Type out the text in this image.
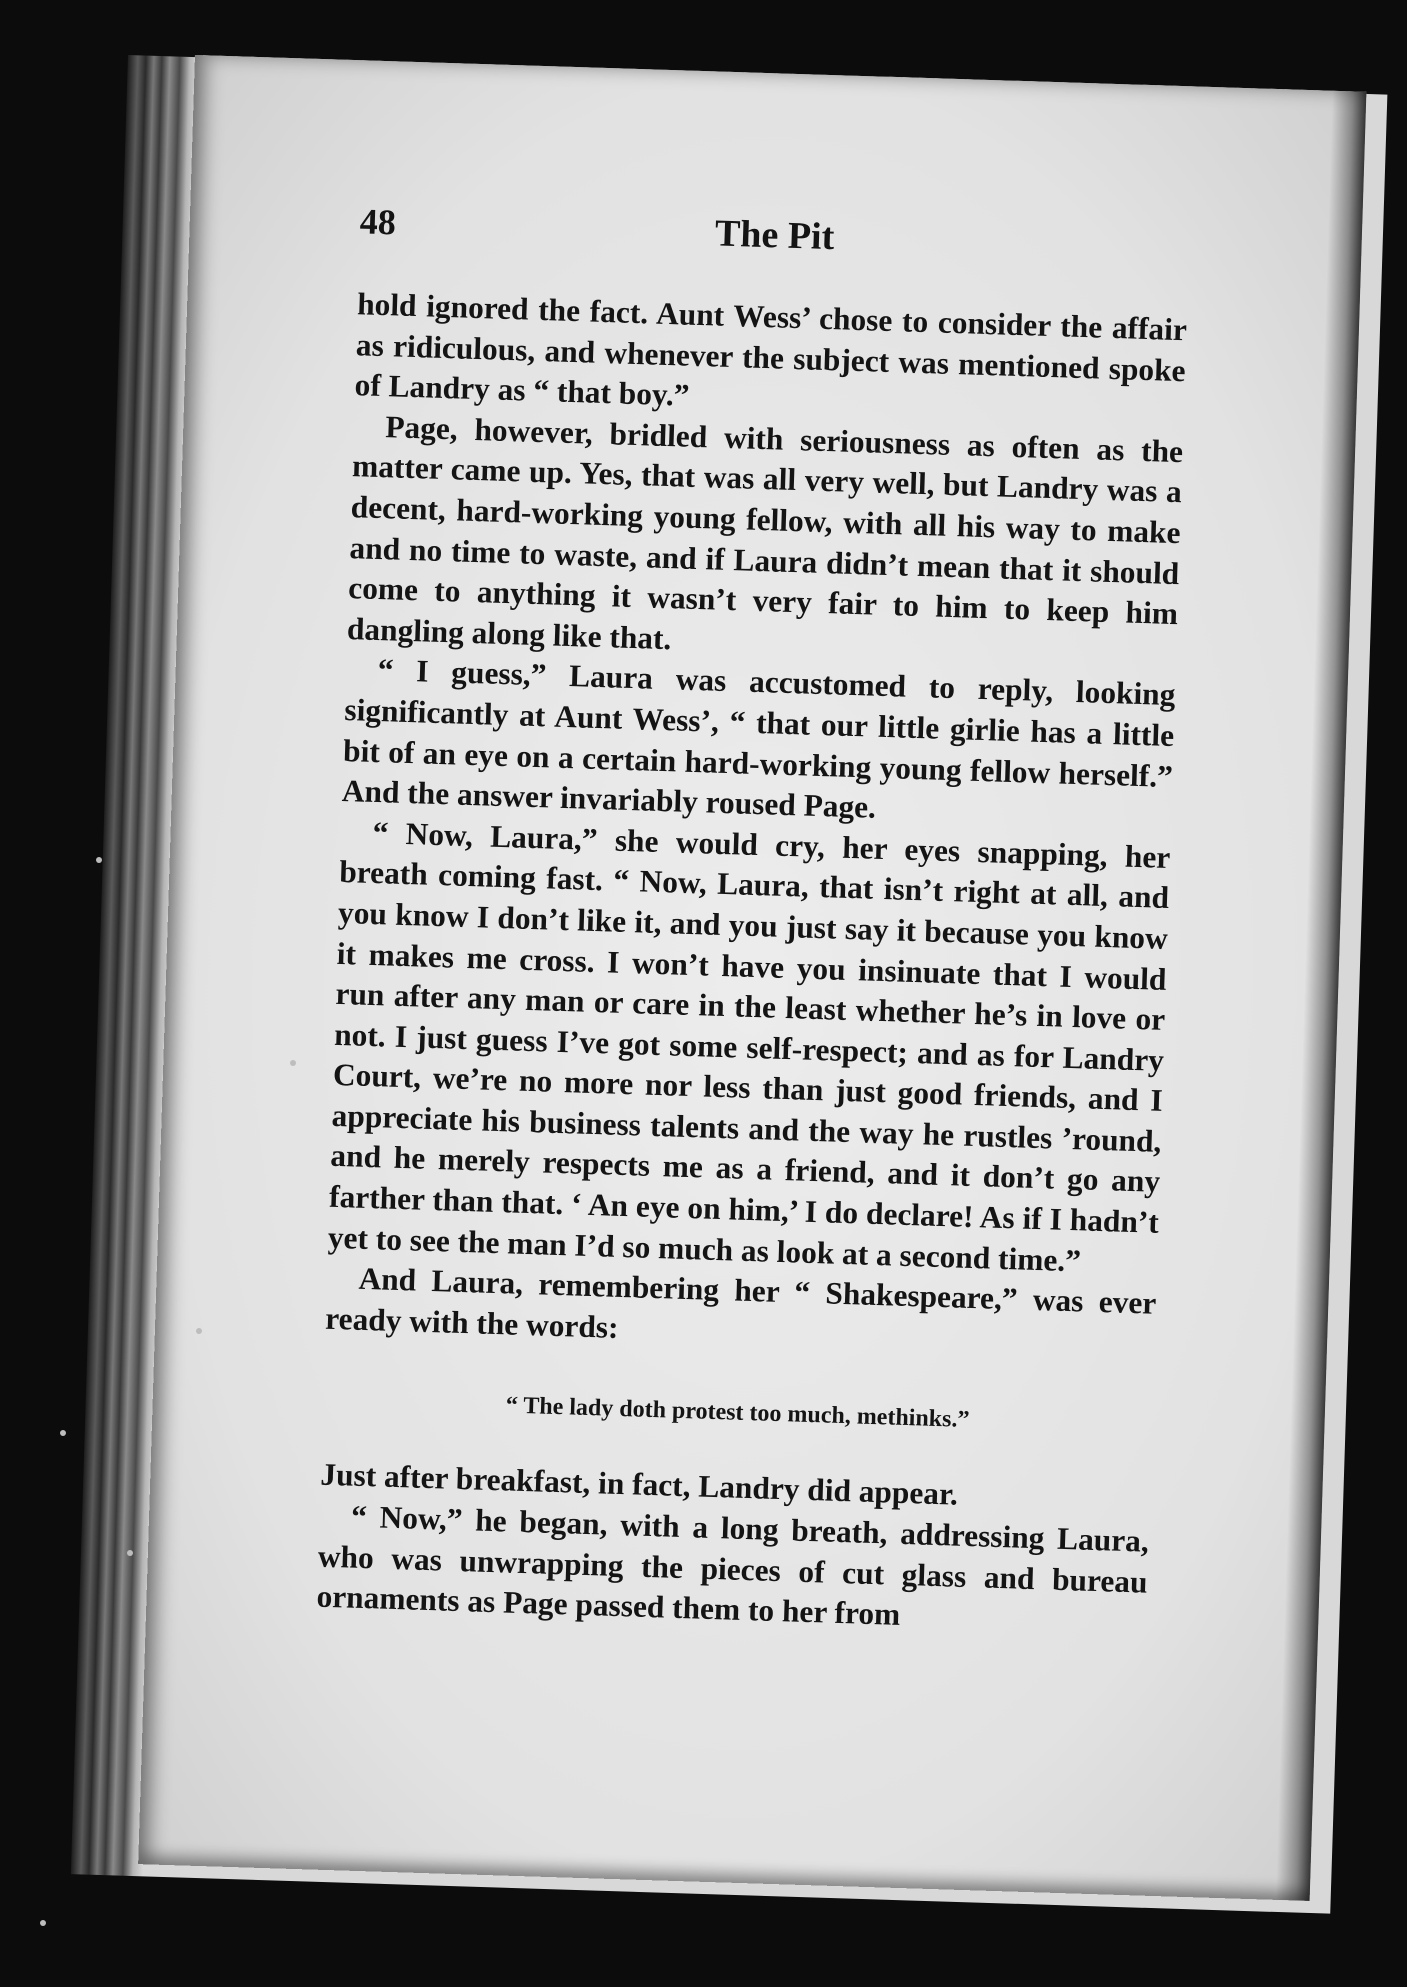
48	The Pit

hold ignored the fact. Aunt Wess’ chose to consider the affair as ridiculous, and whenever the subject was mentioned spoke of Landry as “ that boy.”

Page, however, bridled with seriousness as often as the matter came up. Yes, that was all very well, but Landry was a decent, hard-working young fellow, with all his way to make and no time to waste, and if Laura didn’t mean that it should come to anything it wasn’t very fair to him to keep him dangling along like that.

“ I guess,” Laura was accustomed to reply, looking significantly at Aunt Wess’, “ that our little girlie has a little bit of an eye on a certain hard-working young fellow herself.” And the answer invariably roused Page.

“ Now, Laura,” she would cry, her eyes snapping, her breath coming fast. “ Now, Laura, that isn’t right at all, and you know I don’t like it, and you just say it because you know it makes me cross. I won’t have you insinuate that I would run after any man or care in the least whether he’s in love or not. I just guess I’ve got some self-respect; and as for Landry Court, we’re no more nor less than just good friends, and I appreciate his business talents and the way he rustles ’round, and he merely respects me as a friend, and it don’t go any farther than that. ‘ An eye on him,’ I do declare! As if I hadn’t yet to see the man I’d so much as look at a second time.”

And Laura, remembering her “ Shakespeare,” was ever ready with the words:

“ The lady doth protest too much, methinks.”

Just after breakfast, in fact, Landry did appear.

“ Now,” he began, with a long breath, addressing Laura, who was unwrapping the pieces of cut glass and bureau ornaments as Page passed them to her from
